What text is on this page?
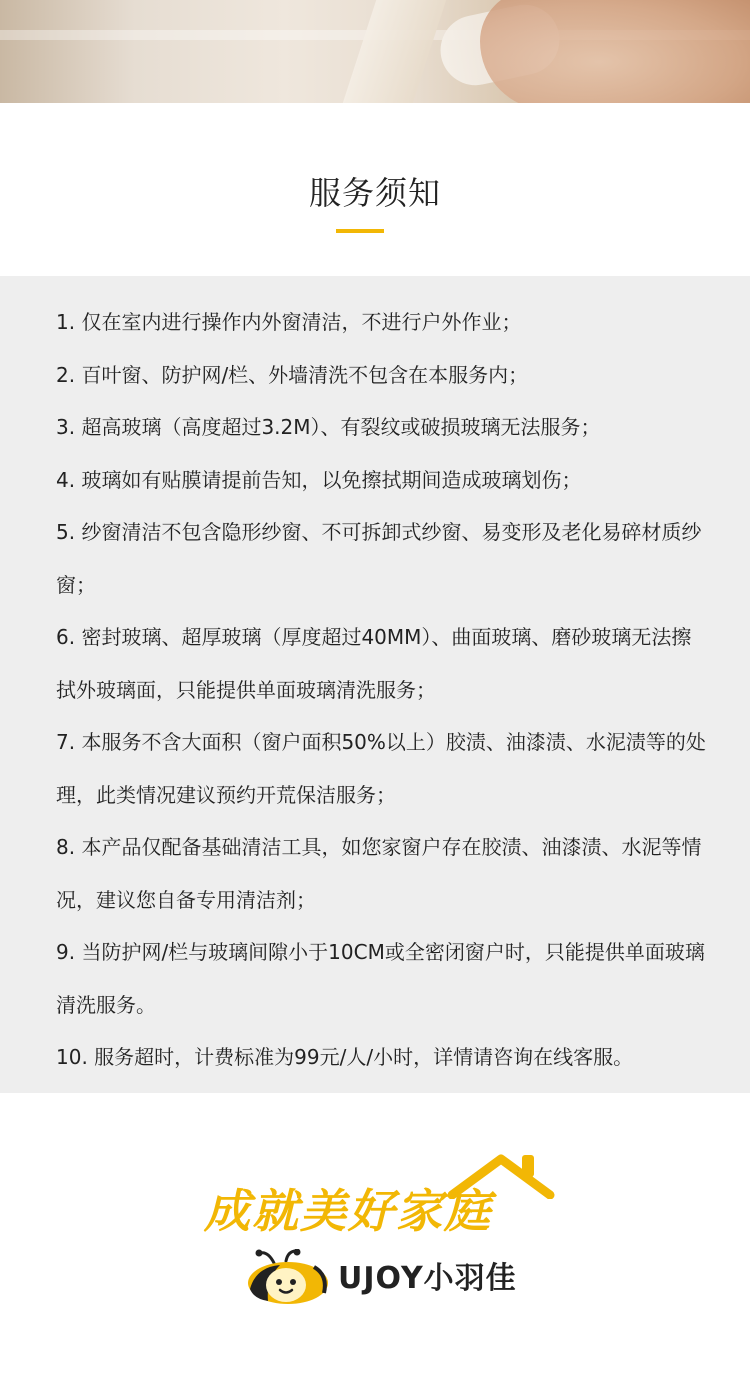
服务须知
1. 仅在室内进行操作内外窗清洁，不进行户外作业；
2. 百叶窗、防护网/栏、外墙清洗不包含在本服务内；
3. 超高玻璃（高度超过3.2M）、有裂纹或破损玻璃无法服务；
4. 玻璃如有贴膜请提前告知，以免擦拭期间造成玻璃划伤；
5. 纱窗清洁不包含隐形纱窗、不可拆卸式纱窗、易变形及老化易碎材质纱窗；
6. 密封玻璃、超厚玻璃（厚度超过40MM）、曲面玻璃、磨砂玻璃无法擦拭外玻璃面，只能提供单面玻璃清洗服务；
7. 本服务不含大面积（窗户面积50%以上）胶渍、油漆渍、水泥渍等的处理，此类情况建议预约开荒保洁服务；
8. 本产品仅配备基础清洁工具，如您家窗户存在胶渍、油漆渍、水泥等情况，建议您自备专用清洁剂；
9. 当防护网/栏与玻璃间隙小于10CM或全密闭窗户时，只能提供单面玻璃清洗服务。
10. 服务超时，计费标准为99元/人/小时，详情请咨询在线客服。
成就美好家庭
UJOY小羽佳
